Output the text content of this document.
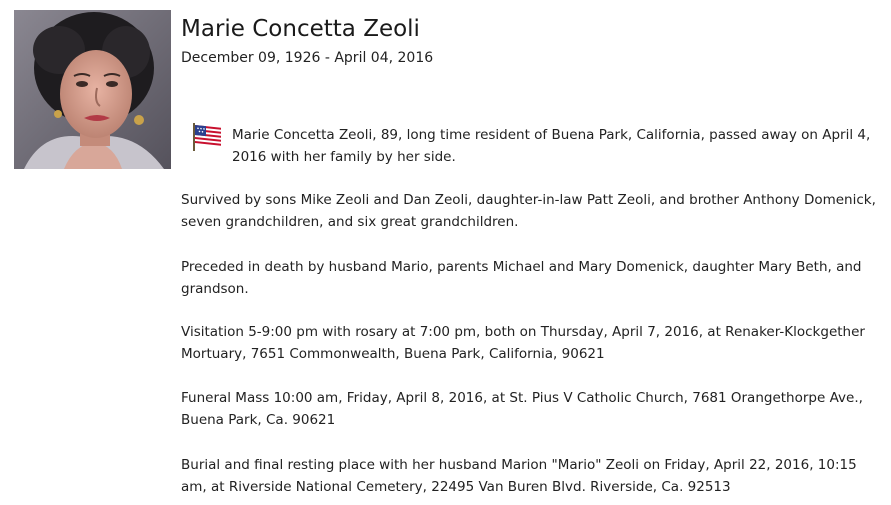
Marie Concetta Zeoli
December 09, 1926 - April 04, 2016

Marie Concetta Zeoli, 89, long time resident of Buena Park, California, passed away on April 4, 2016 with her family by her side.

Survived by sons Mike Zeoli and Dan Zeoli, daughter-in-law Patt Zeoli, and brother Anthony Domenick, seven grandchildren, and six great grandchildren.

Preceded in death by husband Mario, parents Michael and Mary Domenick, daughter Mary Beth, and grandson.

Visitation 5-9:00 pm with rosary at 7:00 pm, both on Thursday, April 7, 2016, at Renaker-Klockgether Mortuary, 7651 Commonwealth, Buena Park, California, 90621

Funeral Mass 10:00 am, Friday, April 8, 2016, at St. Pius V Catholic Church, 7681 Orangethorpe Ave., Buena Park, Ca. 90621

Burial and final resting place with her husband Marion "Mario" Zeoli on Friday, April 22, 2016, 10:15 am, at Riverside National Cemetery, 22495 Van Buren Blvd. Riverside, Ca. 92513
